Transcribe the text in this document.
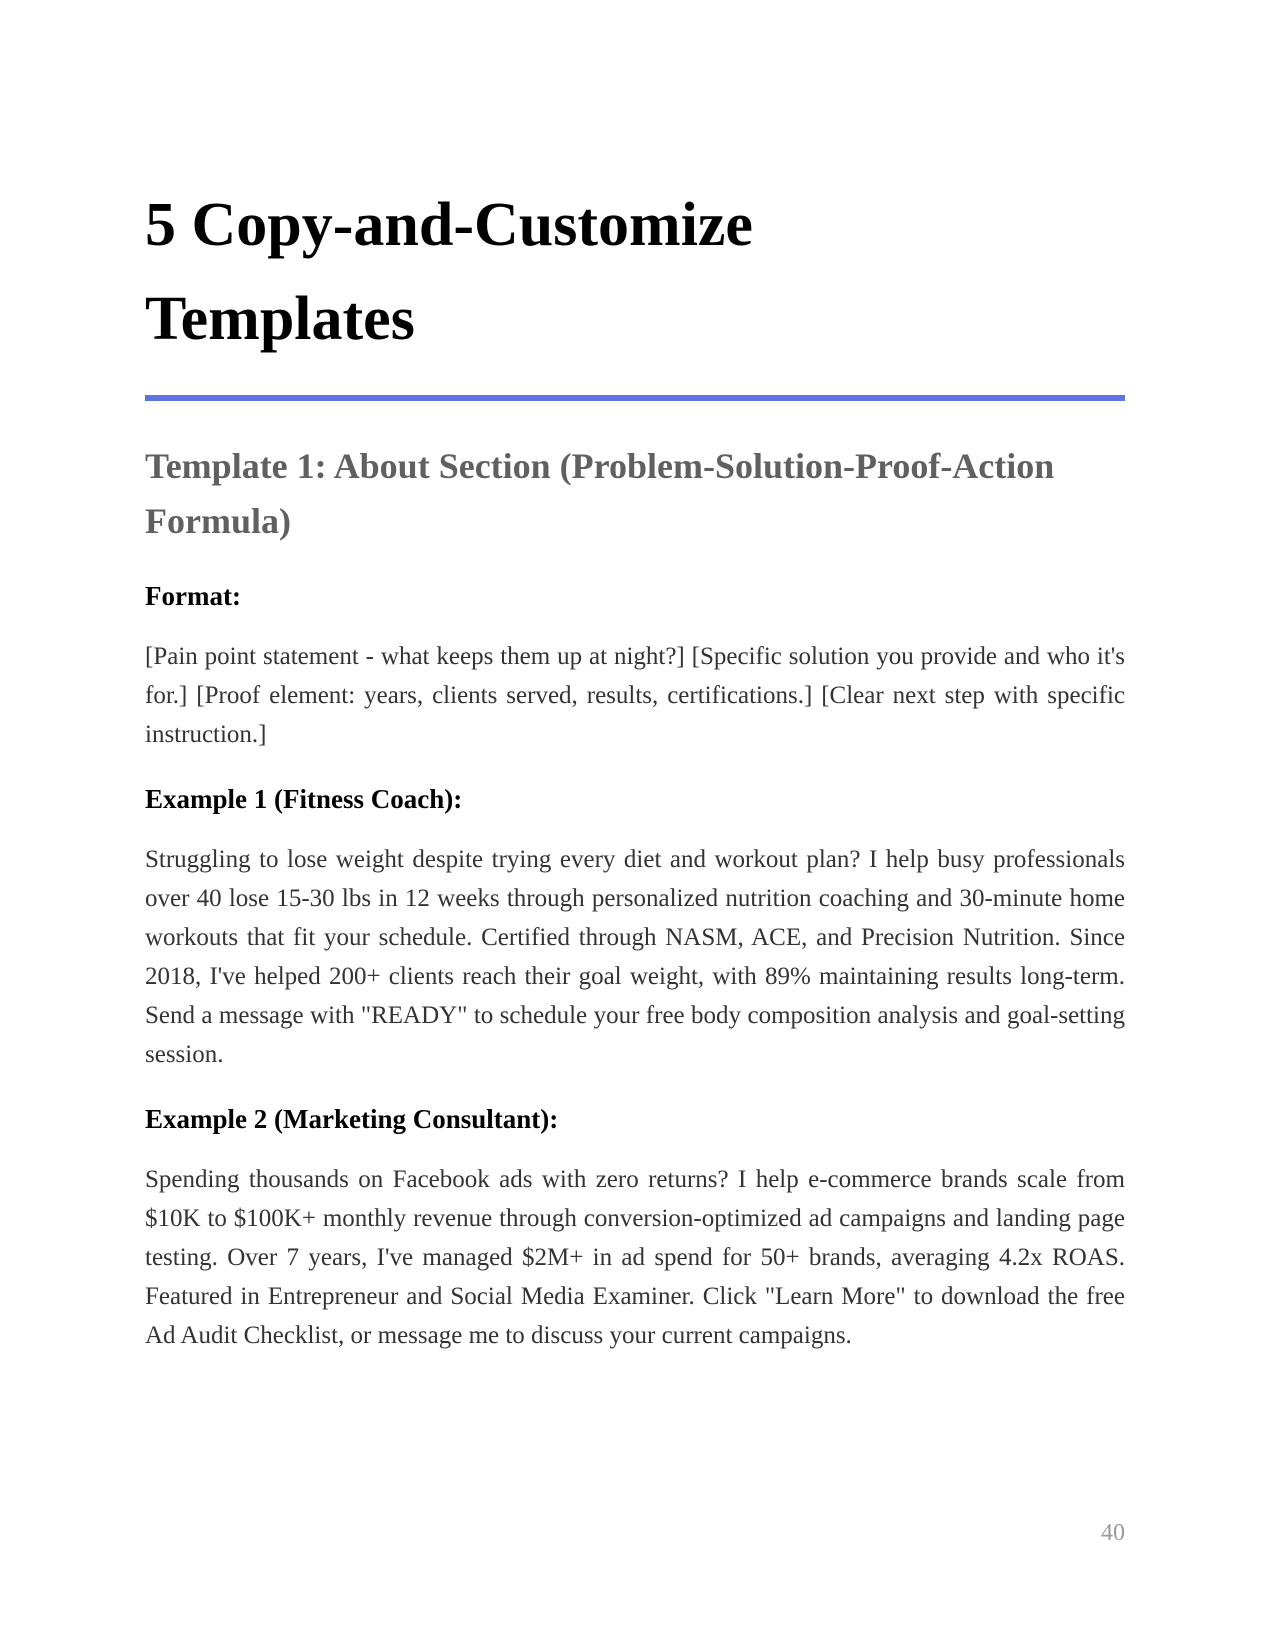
5 Copy-and-Customize Templates
Template 1: About Section (Problem-Solution-Proof-Action Formula)

Format:

[Pain point statement - what keeps them up at night?] [Specific solution you provide and who it's for.] [Proof element: years, clients served, results, certifications.] [Clear next step with specific instruction.]

Example 1 (Fitness Coach):

Struggling to lose weight despite trying every diet and workout plan? I help busy professionals over 40 lose 15-30 lbs in 12 weeks through personalized nutrition coaching and 30-minute home workouts that fit your schedule. Certified through NASM, ACE, and Precision Nutrition. Since 2018, I've helped 200+ clients reach their goal weight, with 89% maintaining results long-term. Send a message with "READY" to schedule your free body composition analysis and goal-setting session.

Example 2 (Marketing Consultant):

Spending thousands on Facebook ads with zero returns? I help e-commerce brands scale from $10K to $100K+ monthly revenue through conversion-optimized ad campaigns and landing page testing. Over 7 years, I've managed $2M+ in ad spend for 50+ brands, averaging 4.2x ROAS. Featured in Entrepreneur and Social Media Examiner. Click "Learn More" to download the free Ad Audit Checklist, or message me to discuss your current campaigns.

40
